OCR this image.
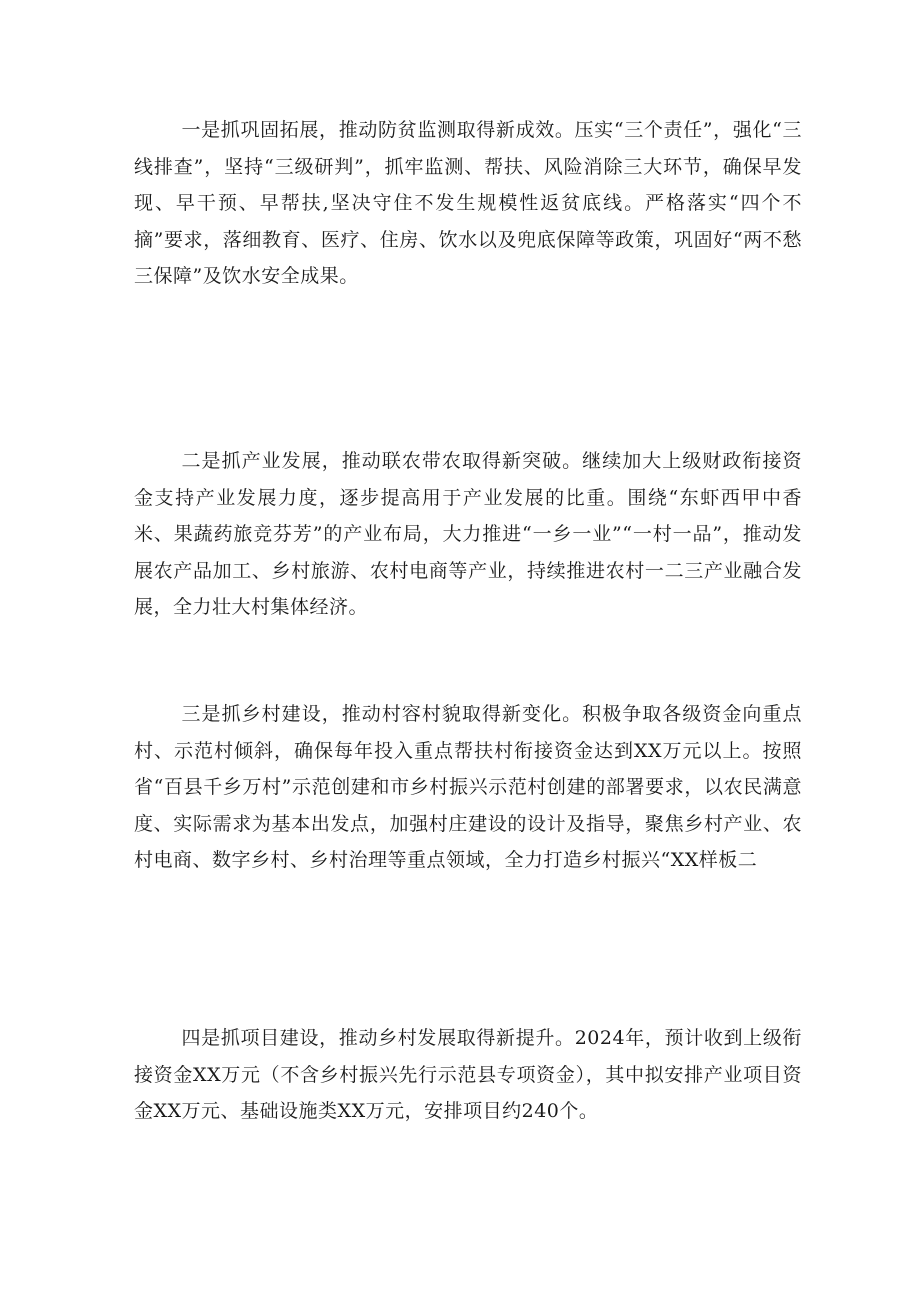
一是抓巩固拓展，推动防贫监测取得新成效。压实“三个责任”，强化“三线排查”，坚持“三级研判”，抓牢监测、帮扶、风险消除三大环节，确保早发现、早干预、早帮扶,坚决守住不发生规模性返贫底线。严格落实“四个不摘”要求，落细教育、医疗、住房、饮水以及兜底保障等政策，巩固好“两不愁三保障”及饮水安全成果。

二是抓产业发展，推动联农带农取得新突破。继续加大上级财政衔接资金支持产业发展力度，逐步提高用于产业发展的比重。围绕“东虾西甲中香米、果蔬药旅竞芬芳”的产业布局，大力推进“一乡一业”“一村一品”，推动发展农产品加工、乡村旅游、农村电商等产业，持续推进农村一二三产业融合发展，全力壮大村集体经济。

三是抓乡村建设，推动村容村貌取得新变化。积极争取各级资金向重点村、示范村倾斜，确保每年投入重点帮扶村衔接资金达到XX万元以上。按照省“百县千乡万村”示范创建和市乡村振兴示范村创建的部署要求，以农民满意度、实际需求为基本出发点，加强村庄建设的设计及指导，聚焦乡村产业、农村电商、数字乡村、乡村治理等重点领域，全力打造乡村振兴“XX样板二

四是抓项目建设，推动乡村发展取得新提升。2024年，预计收到上级衔接资金XX万元（不含乡村振兴先行示范县专项资金），其中拟安排产业项目资金XX万元、基础设施类XX万元，安排项目约240个。
